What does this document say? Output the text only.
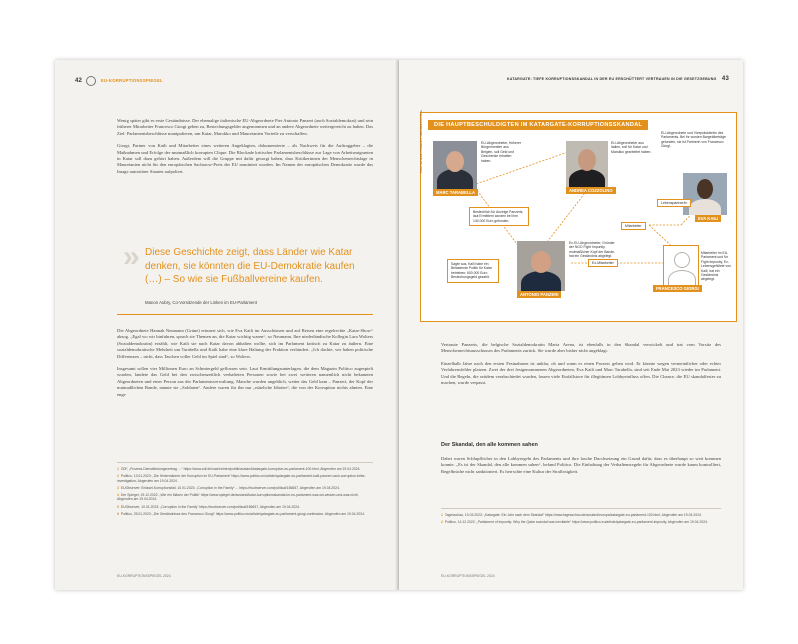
42	EU-KORRUPTIONSSPIEGEL

Wenig später gibt es erste Geständnisse. Der ehemalige italienische EU-Abgeordnete Pier Antonio Panzeri (auch Sozialdemokrat) und sein früherer Mitarbeiter Francesco Giorgi geben zu, Bestechungsgelder angenommen und an andere Abgeordnete weitergereicht zu haben. Das Ziel: Parlamentsbeschlüsse manipulieren, um Katar, Marokko und Mauretanien Vorteile zu verschaffen.

Giorgi, Partner von Kaili und Mitarbeiter eines weiteren Angeklagten, dokumentierte – als Nachweis für die Auftraggeber – die Maßnahmen und Erfolge der mutmaßlich korrupten Clique. Die Blockade kritischer Parlamentsbeschlüsse zur Lage von Arbeitsmigranten in Katar soll dazu gehört haben. Außerdem will die Gruppe mit dafür gesorgt haben, dass Kritikerinnen der Menschenrechtslage in Mauretanien nicht für den europäischen Sacharow-Preis der EU nominiert wurden. Im Namen der europäischen Demokratie wurde das Image autoritärer Staaten aufpoliert.

» Diese Geschichte zeigt, dass Länder wie Katar denken, sie könnten die EU-Demokratie kaufen (…) – So wie sie Fußballvereine kaufen.
Manon Aubry, Co-Vorsitzende der Linken im EU-Parlament

Die Abgeordnete Hannah Neumann (Grüne) erinnert sich, wie Eva Kaili im Ausschüssen und auf Reisen eine regelrechte „Katar-Show“ abzog. „Egal wo wir hinfuhren, sprach sie Themen an, die Katar wichtig waren“, so Neumann. Ihre niederländische Kollegin Lara Wolters (Sozialdemokratin) erzählt, wie Kaili sie nach Katar davon abhalten wollte, sich im Parlament kritisch zu Katar zu äußern. Eine sozialdemokratische Mehrheit um Tarabella und Kaili habe eine klare Haltung der Fraktion verhindert. „Ich dachte, wir haben politische Differenzen – nicht, dass Taschen voller Geld im Spiel sind“, so Wolters.

Insgesamt sollen vier Millionen Euro an Schmiergeld geflossen sein. Laut Ermittlungsunterlagen, die dem Magazin Politico zugespielt wurden, landete das Geld bei den zwischenzeitlich verhafteten Personen sowie bei zwei weiteren namentlich nicht bekannten Abgeordneten und einer Person aus der Parlamentsverwaltung. Manche wurden angeblich, weiter das Geld kam – Panzeri, der Kopf der mutmaßlichen Bande, nannte sie „Soldaten“. Andere waren für ihn nur „nützliche Idioten“, die von der Korruption nichts ahnten. Eine enge

1 ZDF, „Prozess Dienstleistungsvertrag ... “ https://www.zdf.de/nachrichten/politik/ausland/katargate-korruption-eu-parlament-100.html, Abgerufen am 19.04.2024.
2 Politico, 13.01.2023: „Die Hintermänner der Korruption im EU-Parlament“ https://www.politico.eu/article/qatargate-eu-parliament-kaili-panzeri-cash-corruption-bribe-investigation, Abgerufen am 19.04.2024.
3 EUObserver: Brüssel-Korruptionsfall, 10.01.2023: „Corruption in the Family“ ... https://euobserver.com/political/156657, Abgerufen am 19.04.2024.
4 Der Spiegel, 19.12.2022: „Wie ein Mäzen der Politik“ https://www.spiegel.de/ausland/katar-korruptionsskandal-im-eu-parlament-was-wir-wissen-und-was-nicht, Abgerufen am 19.04.2024.
5 EUObserver, 10.01.2023: „Corruption in the Family“ https://euobserver.com/political/156657, Abgerufen am 19.04.2024.
6 Politico, 25.01.2023: „Die Geständnisse des Francesco Giorgi“ https://www.politico.eu/article/qatargate-eu-parliament-giorgi-confession, Abgerufen am 19.04.2024.
EU-KORRUPTIONSSPIEGEL 2024
KATARGATE: TIEFE KORRUPTIONSSKANDAL IN DER EU ERSCHÜTTERT VERTRAUEN IN DIE GESETZGEBUNG 43
DIE HAUPTBESCHULDIGTEN IM KATARGATE-KORRUPTIONSSKANDAL
Fotos: European Parliament, Wikimedia Commons
MARC TARABELLA
EU-Abgeordneter, früherer Bürgermeister aus Belgien, soll Geld und Geschenke erhalten haben.
ANDREA COZZOLINO
EU-Abgeordneter aus Italien, soll für Katar und Marokko gearbeitet haben.
EU-Abgeordnete und Vizepräsidentin des Parlaments. Bei ihr wurden Bargeldbeträge gefunden, sie ist Partnerin von Francesco Giorgi.
EVA KAILI
Bestechlich für Anzeige Panzeris, laut Ermittlern wurden bei ihm 140.000 Euro gefunden.
Mitarbeiter
Lebenspartner/in
Ex-Mitarbeiter
Sagte aus, Kaili habe ein Belastende Politik für Katar betrieben; 600.000 Euro Bestechungsgeld gezahlt.
ANTONIO PANZERI
Ex-EU-Abgeordneter, Gründer der NGO Fight Impunity, mutmaßlicher Kopf der Bande, hat ein Geständnis abgelegt.
FRANCESCO GIORGI
Mitarbeiter im EU-Parlament und für Fight Impunity, Ex-Lebensgefährte von Kaili, hat ein Geständnis abgelegt.

Vertraute Panzeris, die belgische Sozialdemokratin Maria Arena, ist ebenfalls in den Skandal verwickelt und trat vom Vorsitz des Menschenrechtsausschusses des Parlaments zurück. Sie wurde aber bisher nicht angeklagt.

Einzelhalb Jahre nach den ersten Festnahmen ist unklar, ob und wann es einen Prozess geben wird. Er könnte wegen vermeintlicher oder echter Verfahrensfehler platzen. Zwei der drei festgenommenen Abgeordneten, Eva Kaili und Marc Tarabella, sind seit Ende Mai 2023 wieder im Parlament. Und die Regeln, die seitdem verabschiedet wurden, lassen viele Einfallstore für illegitimen Lobbyeinfluss offen. Die Chance, die EU skandalfester zu machen, wurde verpasst.

Der Skandal, den alle kommen sahen

Dabei waren Schlupflöcher in den Lobbyregeln des Parlaments und ihre lasche Durchsetzung ein Grund dafür, dass es überhaupt so weit kommen konnte. „Es ist der Skandal, den alle kommen sahen“, befand Politico. Die Einhaltung der Verhaltensregeln für Abgeordnete wurde kaum kontrolliert, Regelbrüche nicht sanktioniert. Es herrschte eine Kultur der Straflosigkeit.

1 Tagesschau, 10.03.2023: „Katargate: Ein Jahr nach dem Skandal“ https://www.tagesschau.de/ausland/europa/katargate-eu-parlament-100.html, Abgerufen am 19.04.2024.
2 Politico, 14.12.2022: „Parliament of impunity: Why the Qatar scandal was inevitable“ https://www.politico.eu/article/qatargate-eu-parliament-impunity, Abgerufen am 19.04.2024.
EU-KORRUPTIONSSPIEGEL 2024
